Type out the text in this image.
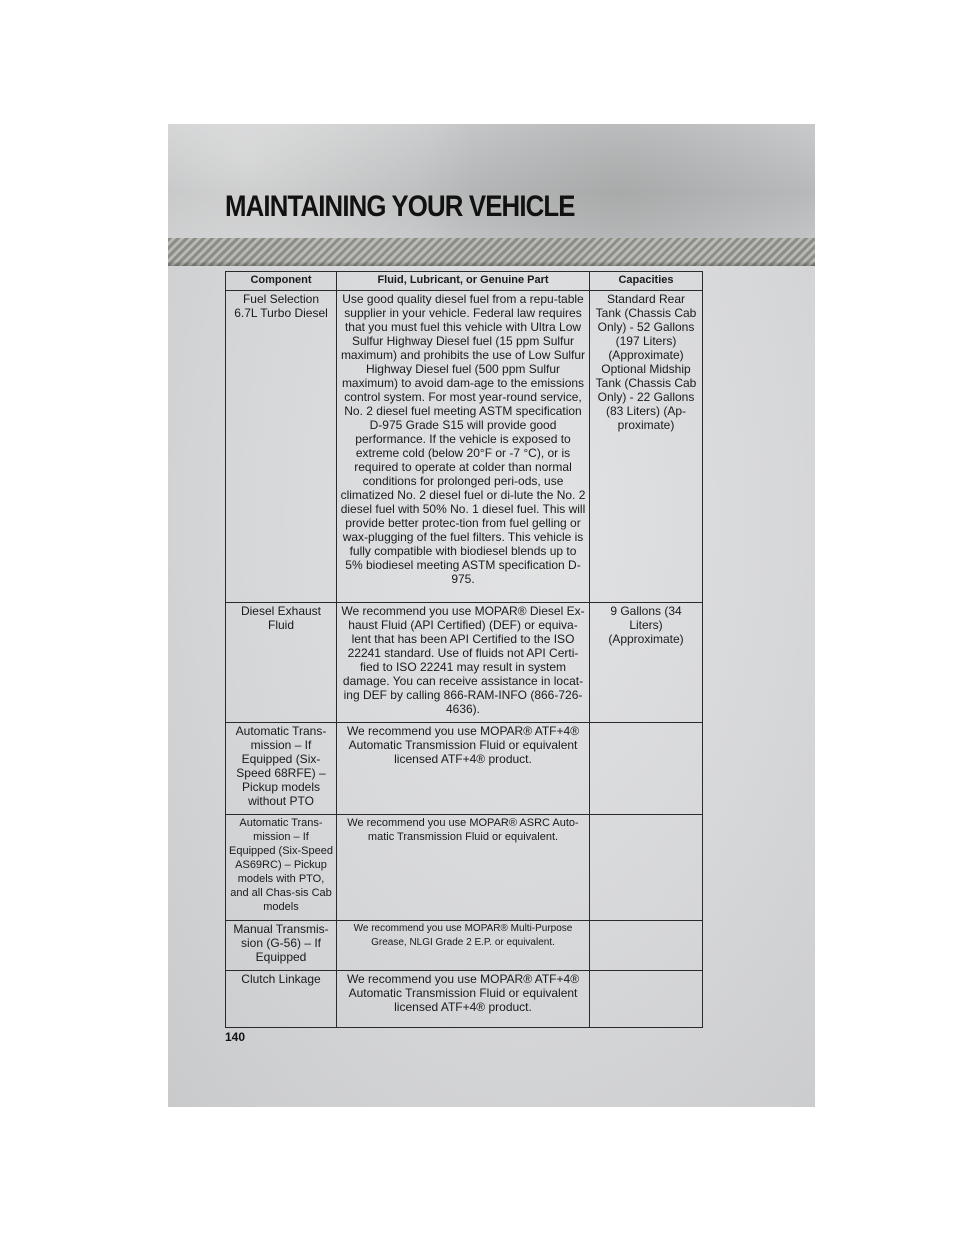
MAINTAINING YOUR VEHICLE
Component	Fluid, Lubricant, or Genuine Part	Capacities
Fuel Selection 6.7L Turbo Diesel	Use good quality diesel fuel from a repu-table supplier in your vehicle. Federal law requires that you must fuel this vehicle with Ultra Low Sulfur Highway Diesel fuel (15 ppm Sulfur maximum) and prohibits the use of Low Sulfur Highway Diesel fuel (500 ppm Sulfur maximum) to avoid dam-age to the emissions control system. For most year-round service, No. 2 diesel fuel meeting ASTM specification D-975 Grade S15 will provide good performance. If the vehicle is exposed to extreme cold (below 20°F or -7 °C), or is required to operate at colder than normal conditions for prolonged peri-ods, use climatized No. 2 diesel fuel or di-lute the No. 2 diesel fuel with 50% No. 1 diesel fuel. This will provide better protec-tion from fuel gelling or wax-plugging of the fuel filters. This vehicle is fully compatible with biodiesel blends up to 5% biodiesel meeting ASTM specification D-975.	Standard Rear Tank (Chassis Cab Only) - 52 Gallons (197 Liters) (Approximate) Optional Midship Tank (Chassis Cab Only) - 22 Gallons (83 Liters) (Ap-proximate)
Diesel Exhaust Fluid	We recommend you use MOPAR® Diesel Ex-haust Fluid (API Certified) (DEF) or equiva-lent that has been API Certified to the ISO 22241 standard. Use of fluids not API Certi-fied to ISO 22241 may result in system damage. You can receive assistance in locat-ing DEF by calling 866-RAM-INFO (866-726-4636).	9 Gallons (34 Liters) (Approximate)
Automatic Trans-mission – If Equipped (Six-Speed 68RFE) – Pickup models without PTO	We recommend you use MOPAR® ATF+4® Automatic Transmission Fluid or equivalent licensed ATF+4® product.	
Automatic Trans-mission – If Equipped (Six-Speed AS69RC) – Pickup models with PTO, and all Chas-sis Cab models	We recommend you use MOPAR® ASRC Auto-matic Transmission Fluid or equivalent.	
Manual Transmis-sion (G-56) – If Equipped	We recommend you use MOPAR® Multi-Purpose Grease, NLGI Grade 2 E.P. or equivalent.	
Clutch Linkage	We recommend you use MOPAR® ATF+4® Automatic Transmission Fluid or equivalent licensed ATF+4® product.	
140
